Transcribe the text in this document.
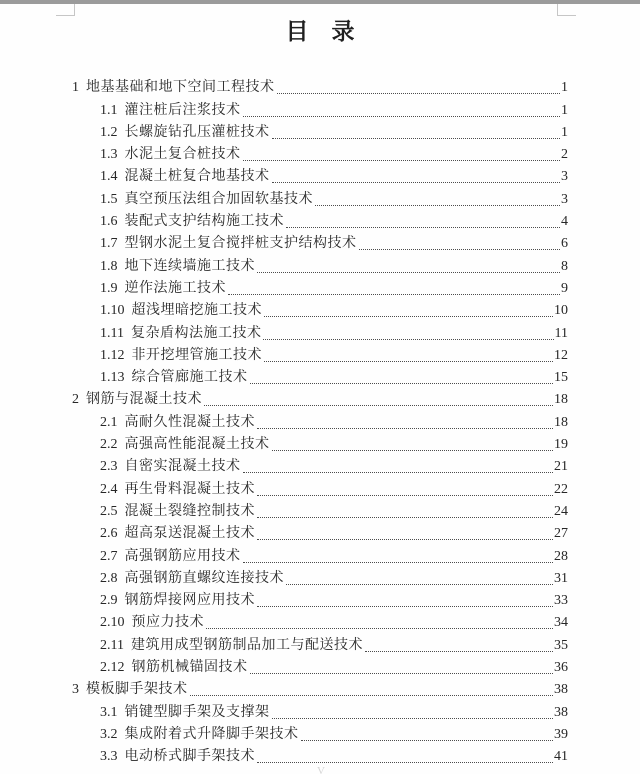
目　录
1 地基基础和地下空间工程技术	1
1.1 灌注桩后注浆技术	1
1.2 长螺旋钻孔压灌桩技术	1
1.3 水泥土复合桩技术	2
1.4 混凝土桩复合地基技术	3
1.5 真空预压法组合加固软基技术	3
1.6 装配式支护结构施工技术	4
1.7 型钢水泥土复合搅拌桩支护结构技术	6
1.8 地下连续墙施工技术	8
1.9 逆作法施工技术	9
1.10 超浅埋暗挖施工技术	10
1.11 复杂盾构法施工技术	11
1.12 非开挖埋管施工技术	12
1.13 综合管廊施工技术	15
2 钢筋与混凝土技术	18
2.1 高耐久性混凝土技术	18
2.2 高强高性能混凝土技术	19
2.3 自密实混凝土技术	21
2.4 再生骨料混凝土技术	22
2.5 混凝土裂缝控制技术	24
2.6 超高泵送混凝土技术	27
2.7 高强钢筋应用技术	28
2.8 高强钢筋直螺纹连接技术	31
2.9 钢筋焊接网应用技术	33
2.10 预应力技术	34
2.11 建筑用成型钢筋制品加工与配送技术	35
2.12 钢筋机械锚固技术	36
3 模板脚手架技术	38
3.1 销键型脚手架及支撑架	38
3.2 集成附着式升降脚手架技术	39
3.3 电动桥式脚手架技术	41
V
